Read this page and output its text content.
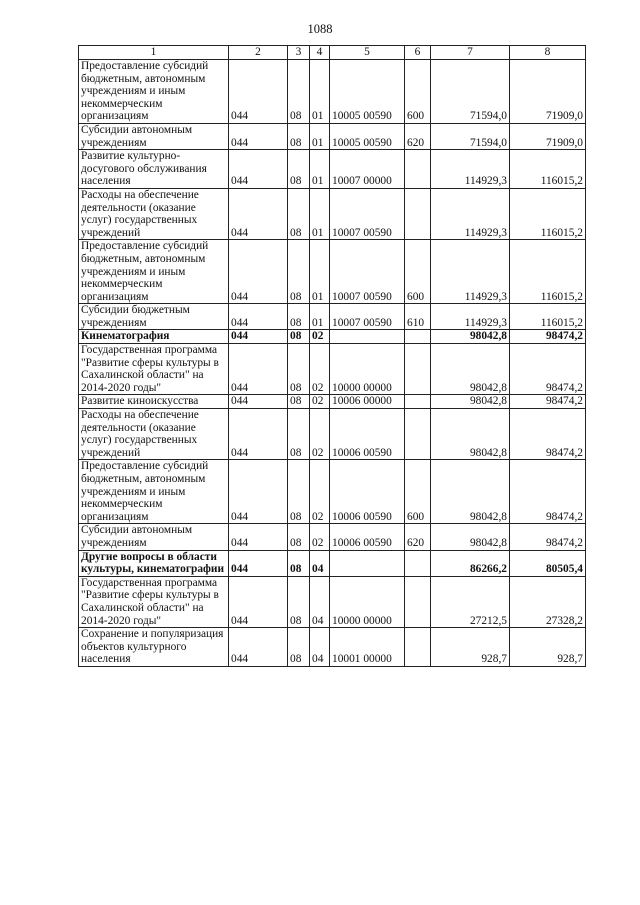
1088
1	2	3	4	5	6	7	8
Предоставление субсидий бюджетным, автономным учреждениям и иным некоммерческим организациям	044	08	01	10005 00590	600	71594,0	71909,0
Субсидии автономным учреждениям	044	08	01	10005 00590	620	71594,0	71909,0
Развитие культурно-досугового обслуживания населения	044	08	01	10007 00000		114929,3	116015,2
Расходы на обеспечение деятельности (оказание услуг) государственных учреждений	044	08	01	10007 00590		114929,3	116015,2
Предоставление субсидий бюджетным, автономным учреждениям и иным некоммерческим организациям	044	08	01	10007 00590	600	114929,3	116015,2
Субсидии бюджетным учреждениям	044	08	01	10007 00590	610	114929,3	116015,2
Кинематография	044	08	02			98042,8	98474,2
Государственная программа "Развитие сферы культуры в Сахалинской области" на 2014-2020 годы"	044	08	02	10000 00000		98042,8	98474,2
Развитие киноискусства	044	08	02	10006 00000		98042,8	98474,2
Расходы на обеспечение деятельности (оказание услуг) государственных учреждений	044	08	02	10006 00590		98042,8	98474,2
Предоставление субсидий бюджетным, автономным учреждениям и иным некоммерческим организациям	044	08	02	10006 00590	600	98042,8	98474,2
Субсидии автономным учреждениям	044	08	02	10006 00590	620	98042,8	98474,2
Другие вопросы в области культуры, кинематографии	044	08	04			86266,2	80505,4
Государственная программа "Развитие сферы культуры в Сахалинской области" на 2014-2020 годы"	044	08	04	10000 00000		27212,5	27328,2
Сохранение и популяризация объектов культурного населения	044	08	04	10001 00000		928,7	928,7
